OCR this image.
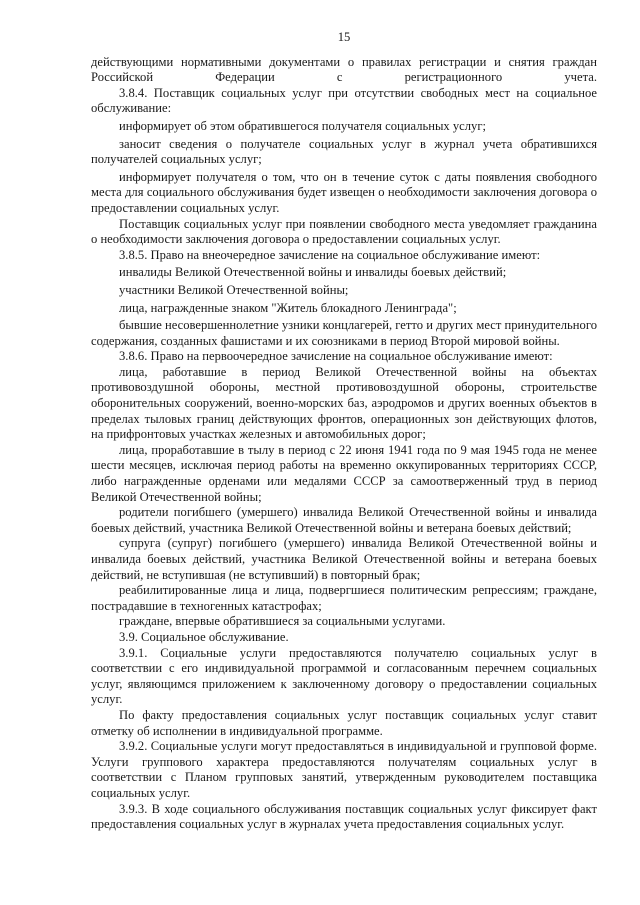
15

действующими нормативными документами о правилах регистрации и снятия граждан Российской Федерации с регистрационного учета.

3.8.4. Поставщик социальных услуг при отсутствии свободных мест на социальное обслуживание:

информирует об этом обратившегося получателя социальных услуг;

заносит сведения о получателе социальных услуг в журнал учета обратившихся получателей социальных услуг;

информирует получателя о том, что он в течение суток с даты появления свободного места для социального обслуживания будет извещен о необходимости заключения договора о предоставлении социальных услуг.

Поставщик социальных услуг при появлении свободного места уведомляет гражданина о необходимости заключения договора о предоставлении социальных услуг.

3.8.5. Право на внеочередное зачисление на социальное обслуживание имеют:

инвалиды Великой Отечественной войны и инвалиды боевых действий;

участники Великой Отечественной войны;

лица, награжденные знаком "Житель блокадного Ленинграда";

бывшие несовершеннолетние узники концлагерей, гетто и других мест принудительного содержания, созданных фашистами и их союзниками в период Второй мировой войны.

3.8.6. Право на первоочередное зачисление на социальное обслуживание имеют:

лица, работавшие в период Великой Отечественной войны на объектах противовоздушной обороны, местной противовоздушной обороны, строительстве оборонительных сооружений, военно-морских баз, аэродромов и других военных объектов в пределах тыловых границ действующих фронтов, операционных зон действующих флотов, на прифронтовых участках железных и автомобильных дорог;

лица, проработавшие в тылу в период с 22 июня 1941 года по 9 мая 1945 года не менее шести месяцев, исключая период работы на временно оккупированных территориях СССР, либо награжденные орденами или медалями СССР за самоотверженный труд в период Великой Отечественной войны;

родители погибшего (умершего) инвалида Великой Отечественной войны и инвалида боевых действий, участника Великой Отечественной войны и ветерана боевых действий;

супруга (супруг) погибшего (умершего) инвалида Великой Отечественной войны и инвалида боевых действий, участника Великой Отечественной войны и ветерана боевых действий, не вступившая (не вступивший) в повторный брак;

реабилитированные лица и лица, подвергшиеся политическим репрессиям; граждане, пострадавшие в техногенных катастрофах;

граждане, впервые обратившиеся за социальными услугами.

3.9. Социальное обслуживание.

3.9.1. Социальные услуги предоставляются получателю социальных услуг в соответствии с его индивидуальной программой и согласованным перечнем социальных услуг, являющимся приложением к заключенному договору о предоставлении социальных услуг.

По факту предоставления социальных услуг поставщик социальных услуг ставит отметку об исполнении в индивидуальной программе.

3.9.2. Социальные услуги могут предоставляться в индивидуальной и групповой форме. Услуги группового характера предоставляются получателям социальных услуг в соответствии с Планом групповых занятий, утвержденным руководителем поставщика социальных услуг.

3.9.3. В ходе социального обслуживания поставщик социальных услуг фиксирует факт предоставления социальных услуг в журналах учета предоставления социальных услуг.
